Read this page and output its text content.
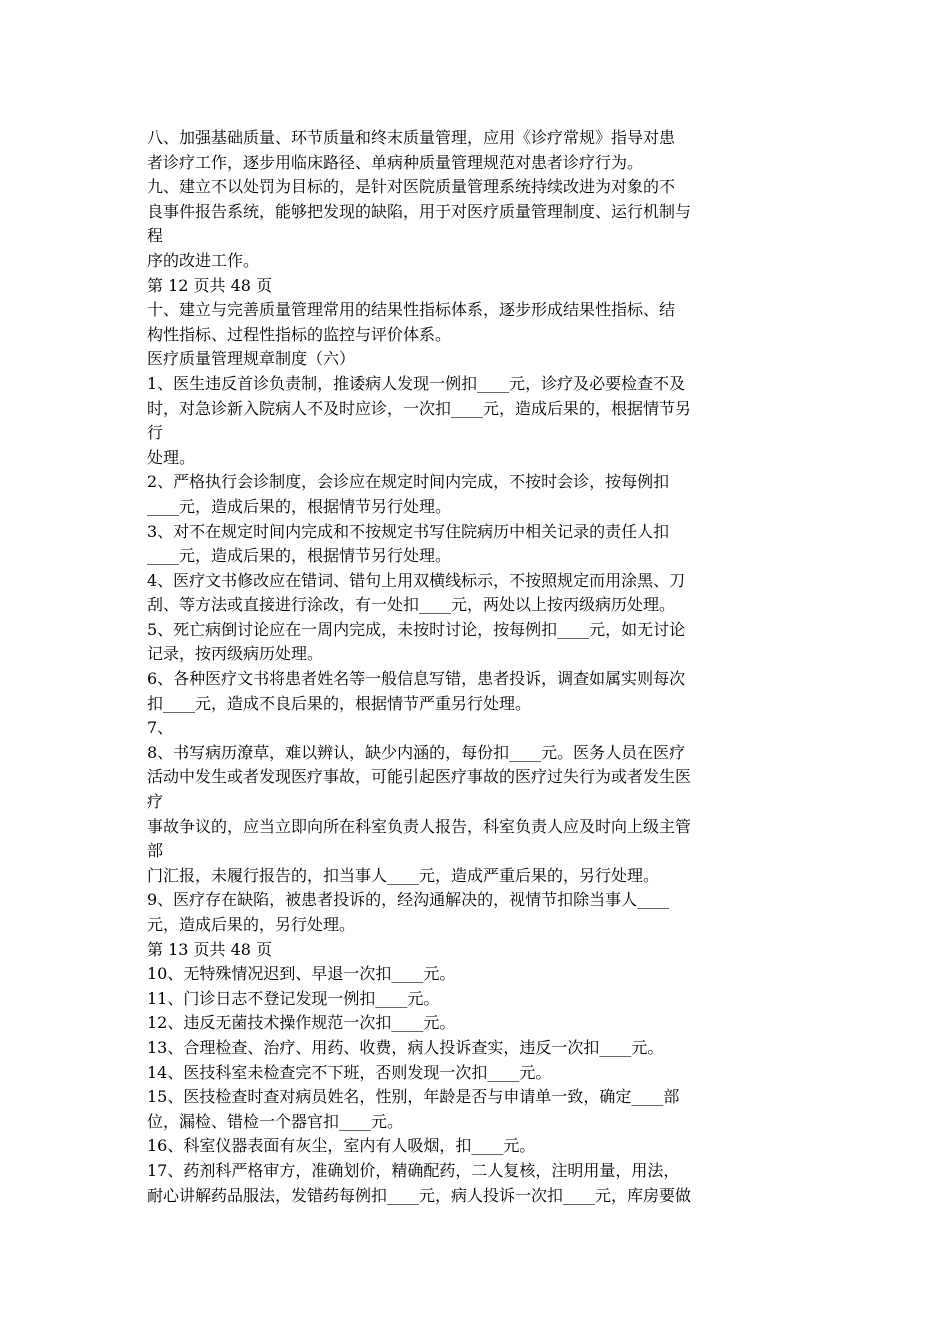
八、加强基础质量、环节质量和终末质量管理，应用《诊疗常规》指导对患
者诊疗工作，逐步用临床路径、单病种质量管理规范对患者诊疗行为。
九、建立不以处罚为目标的，是针对医院质量管理系统持续改进为对象的不
良事件报告系统，能够把发现的缺陷，用于对医疗质量管理制度、运行机制与
程
序的改进工作。
第 12 页共 48 页
十、建立与完善质量管理常用的结果性指标体系，逐步形成结果性指标、结
构性指标、过程性指标的监控与评价体系。
医疗质量管理规章制度（六）
1、医生违反首诊负责制，推诿病人发现一例扣____元，诊疗及必要检查不及
时，对急诊新入院病人不及时应诊，一次扣____元，造成后果的，根据情节另
行
处理。
2、严格执行会诊制度，会诊应在规定时间内完成，不按时会诊，按每例扣
____元，造成后果的，根据情节另行处理。
3、对不在规定时间内完成和不按规定书写住院病历中相关记录的责任人扣
____元，造成后果的，根据情节另行处理。
4、医疗文书修改应在错词、错句上用双横线标示，不按照规定而用涂黑、刀
刮、等方法或直接进行涂改，有一处扣____元，两处以上按丙级病历处理。
5、死亡病倒讨论应在一周内完成，未按时讨论，按每例扣____元，如无讨论
记录，按丙级病历处理。
6、各种医疗文书将患者姓名等一般信息写错，患者投诉，调查如属实则每次
扣____元，造成不良后果的，根据情节严重另行处理。
7、
8、书写病历潦草，难以辨认，缺少内涵的，每份扣____元。医务人员在医疗
活动中发生或者发现医疗事故，可能引起医疗事故的医疗过失行为或者发生医
疗
事故争议的，应当立即向所在科室负责人报告，科室负责人应及时向上级主管
部
门汇报，未履行报告的，扣当事人____元，造成严重后果的，另行处理。
9、医疗存在缺陷，被患者投诉的，经沟通解决的，视情节扣除当事人____
元，造成后果的，另行处理。
第 13 页共 48 页
10、无特殊情况迟到、早退一次扣____元。
11、门诊日志不登记发现一例扣____元。
12、违反无菌技术操作规范一次扣____元。
13、合理检查、治疗、用药、收费，病人投诉查实，违反一次扣____元。
14、医技科室未检查完不下班，否则发现一次扣____元。
15、医技检查时查对病员姓名，性别，年龄是否与申请单一致，确定____部
位，漏检、错检一个器官扣____元。
16、科室仪器表面有灰尘，室内有人吸烟，扣____元。
17、药剂科严格审方，准确划价，精确配药，二人复核，注明用量，用法，
耐心讲解药品服法，发错药每例扣____元，病人投诉一次扣____元，库房要做
